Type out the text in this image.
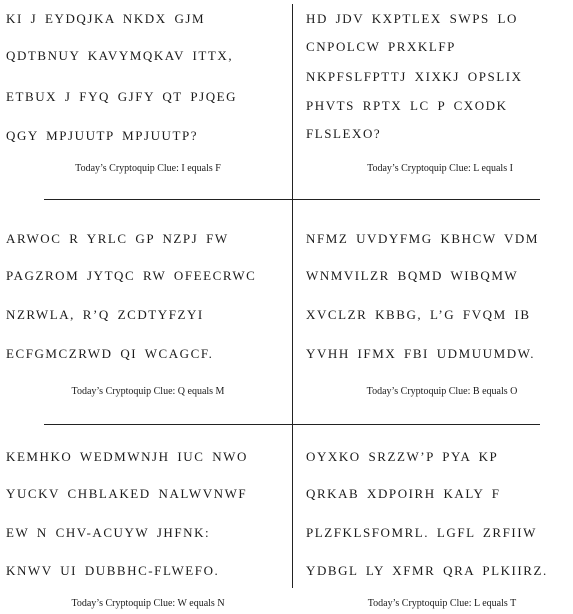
KI J EYDQJKA NKDX GJM
QDTBNUY KAVYMQKAV ITTX,
ETBUX J FYQ GJFY QT PJQEG
QGY MPJUUTP MPJUUTP?
Today’s Cryptoquip Clue: I equals F
HD JDV KXPTLEX SWPS LO
CNPOLCW PRXKLFP
NKPFSLFPTTJ XIXKJ OPSLIX
PHVTS RPTX LC P CXODK
FLSLEXO?
Today’s Cryptoquip Clue: L equals I
ARWOC R YRLC GP NZPJ FW
PAGZROM JYTQC RW OFEECRWC
NZRWLA, R’Q ZCDTYFZYI
ECFGMCZRWD QI WCAGCF.
Today’s Cryptoquip Clue: Q equals M
NFMZ UVDYFMG KBHCW VDM
WNMVILZR BQMD WIBQMW
XVCLZR KBBG, L’G FVQM IB
YVHH IFMX FBI UDMUUMDW.
Today’s Cryptoquip Clue: B equals O
KEMHKO WEDMWNJH IUC NWO
YUCKV CHBLAKED NALWVNWF
EW N CHV-ACUYW JHFNK:
KNWV UI DUBBHC-FLWEFO.
Today’s Cryptoquip Clue: W equals N
OYXKO SRZZW’P PYA KP
QRKAB XDPOIRH KALY F
PLZFKLSFOMRL. LGFL ZRFIIW
YDBGL LY XFMR QRA PLKIIRZ.
Today’s Cryptoquip Clue: L equals T
